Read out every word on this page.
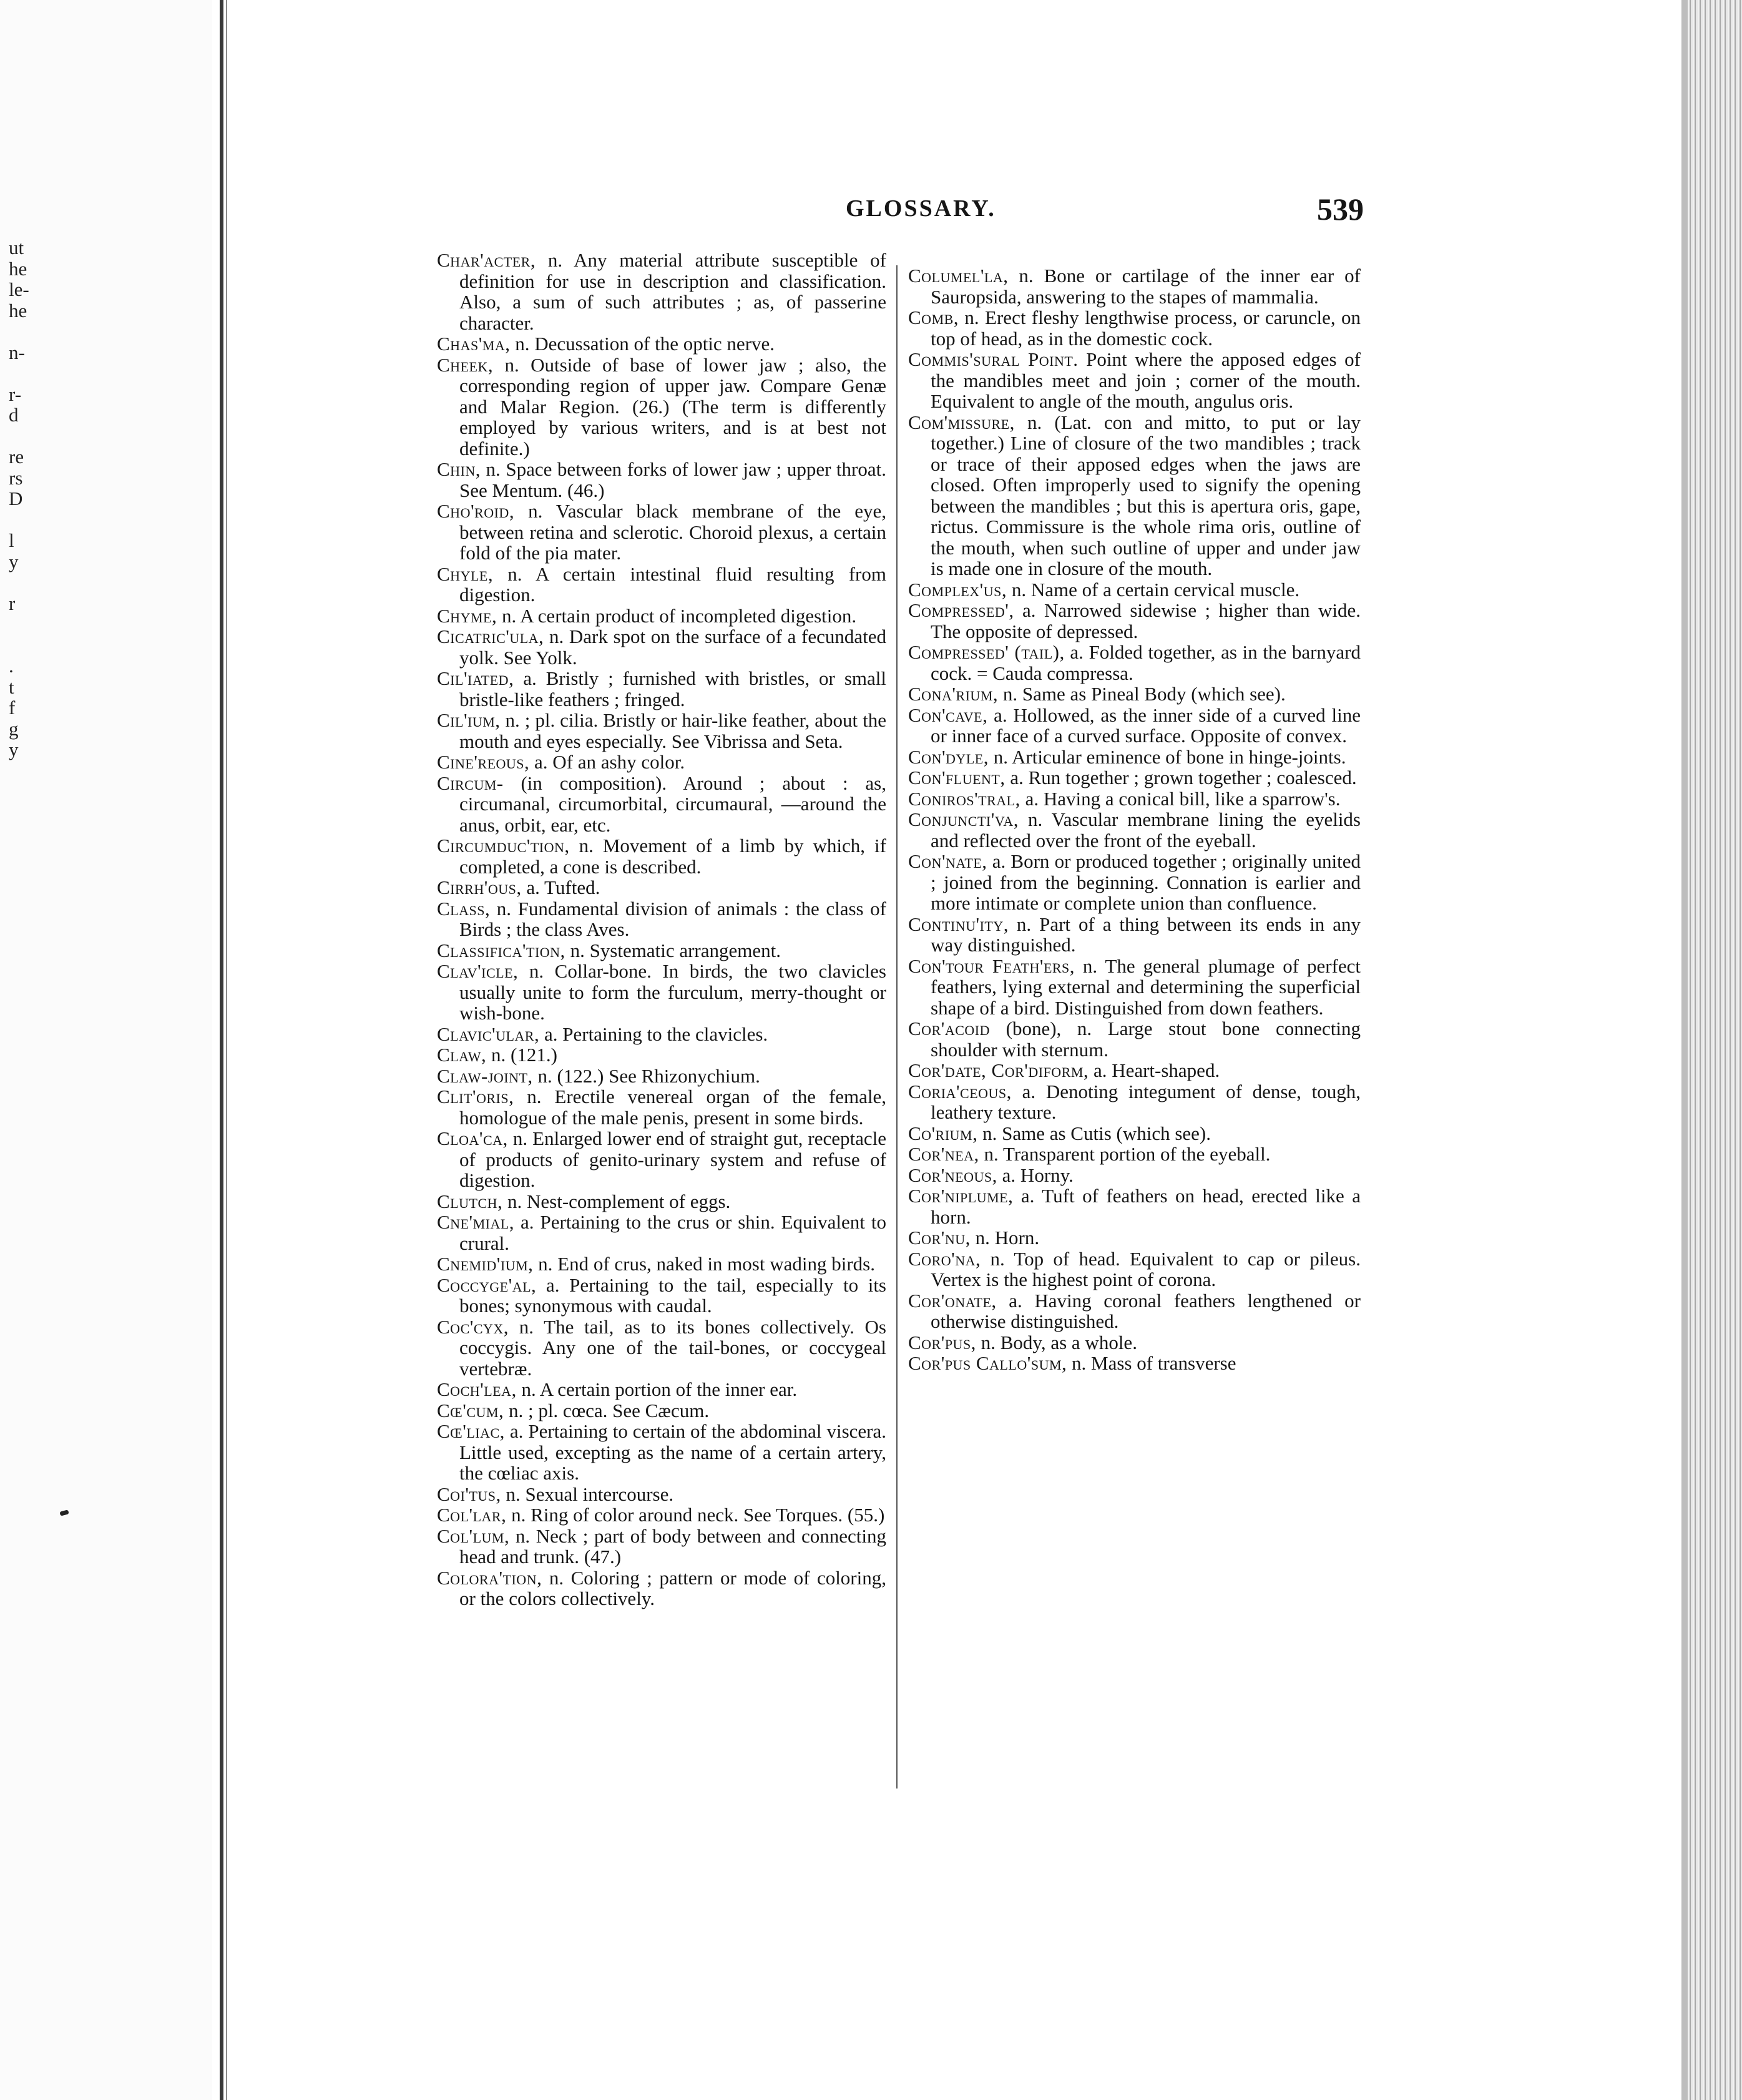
ut
he
le-
he
n-
r-
d
re
rs
D
l
y
r
.
t
f
g
y
GLOSSARY.	539

Char'acter, n. Any material attribute susceptible of definition for use in description and classification. Also, a sum of such attributes ; as, of passerine character.

Chas'ma, n. Decussation of the optic nerve.

Cheek, n. Outside of base of lower jaw ; also, the corresponding region of upper jaw. Compare Genæ and Malar Region. (26.) (The term is differently employed by various writers, and is at best not definite.)

Chin, n. Space between forks of lower jaw ; upper throat. See Mentum. (46.)

Cho'roid, n. Vascular black membrane of the eye, between retina and sclerotic. Choroid plexus, a certain fold of the pia mater.

Chyle, n. A certain intestinal fluid resulting from digestion.

Chyme, n. A certain product of incompleted digestion.

Cicatric'ula, n. Dark spot on the surface of a fecundated yolk. See Yolk.

Cil'iated, a. Bristly ; furnished with bristles, or small bristle-like feathers ; fringed.

Cil'ium, n. ; pl. cilia. Bristly or hair-like feather, about the mouth and eyes especially. See Vibrissa and Seta.

Cine'reous, a. Of an ashy color.

Circum- (in composition). Around ; about : as, circumanal, circumorbital, circumaural, —around the anus, orbit, ear, etc.

Circumduc'tion, n. Movement of a limb by which, if completed, a cone is described.

Cirrh'ous, a. Tufted.

Class, n. Fundamental division of animals : the class of Birds ; the class Aves.

Classifica'tion, n. Systematic arrangement.

Clav'icle, n. Collar-bone. In birds, the two clavicles usually unite to form the furculum, merry-thought or wish-bone.

Clavic'ular, a. Pertaining to the clavicles.

Claw, n. (121.)

Claw-joint, n. (122.) See Rhizonychium.

Clit'oris, n. Erectile venereal organ of the female, homologue of the male penis, present in some birds.

Cloa'ca, n. Enlarged lower end of straight gut, receptacle of products of genito-urinary system and refuse of digestion.

Clutch, n. Nest-complement of eggs.

Cne'mial, a. Pertaining to the crus or shin. Equivalent to crural.

Cnemid'ium, n. End of crus, naked in most wading birds.

Coccyge'al, a. Pertaining to the tail, especially to its bones; synonymous with caudal.

Coc'cyx, n. The tail, as to its bones collectively. Os coccygis. Any one of the tail-bones, or coccygeal vertebræ.

Coch'lea, n. A certain portion of the inner ear.

Cœ'cum, n. ; pl. cœca. See Cæcum.

Cœ'liac, a. Pertaining to certain of the abdominal viscera. Little used, excepting as the name of a certain artery, the cœliac axis.

Coi'tus, n. Sexual intercourse.

Col'lar, n. Ring of color around neck. See Torques. (55.)

Col'lum, n. Neck ; part of body between and connecting head and trunk. (47.)

Colora'tion, n. Coloring ; pattern or mode of coloring, or the colors collectively.

Columel'la, n. Bone or cartilage of the inner ear of Sauropsida, answering to the stapes of mammalia.

Comb, n. Erect fleshy lengthwise process, or caruncle, on top of head, as in the domestic cock.

Commis'sural Point. Point where the apposed edges of the mandibles meet and join ; corner of the mouth. Equivalent to angle of the mouth, angulus oris.

Com'missure, n. (Lat. con and mitto, to put or lay together.) Line of closure of the two mandibles ; track or trace of their apposed edges when the jaws are closed. Often improperly used to signify the opening between the mandibles ; but this is apertura oris, gape, rictus. Commissure is the whole rima oris, outline of the mouth, when such outline of upper and under jaw is made one in closure of the mouth.

Complex'us, n. Name of a certain cervical muscle.

Compressed', a. Narrowed sidewise ; higher than wide. The opposite of depressed.

Compressed' (tail), a. Folded together, as in the barnyard cock. = Cauda compressa.

Cona'rium, n. Same as Pineal Body (which see).

Con'cave, a. Hollowed, as the inner side of a curved line or inner face of a curved surface. Opposite of convex.

Con'dyle, n. Articular eminence of bone in hinge-joints.

Con'fluent, a. Run together ; grown together ; coalesced.

Coniros'tral, a. Having a conical bill, like a sparrow's.

Conjuncti'va, n. Vascular membrane lining the eyelids and reflected over the front of the eyeball.

Con'nate, a. Born or produced together ; originally united ; joined from the beginning. Connation is earlier and more intimate or complete union than confluence.

Continu'ity, n. Part of a thing between its ends in any way distinguished.

Con'tour Feath'ers, n. The general plumage of perfect feathers, lying external and determining the superficial shape of a bird. Distinguished from down feathers.

Cor'acoid (bone), n. Large stout bone connecting shoulder with sternum.

Cor'date, Cor'diform, a. Heart-shaped.

Coria'ceous, a. Denoting integument of dense, tough, leathery texture.

Co'rium, n. Same as Cutis (which see).

Cor'nea, n. Transparent portion of the eyeball.

Cor'neous, a. Horny.

Cor'niplume, a. Tuft of feathers on head, erected like a horn.

Cor'nu, n. Horn.

Coro'na, n. Top of head. Equivalent to cap or pileus. Vertex is the highest point of corona.

Cor'onate, a. Having coronal feathers lengthened or otherwise distinguished.

Cor'pus, n. Body, as a whole.

Cor'pus Callo'sum, n. Mass of transverse
